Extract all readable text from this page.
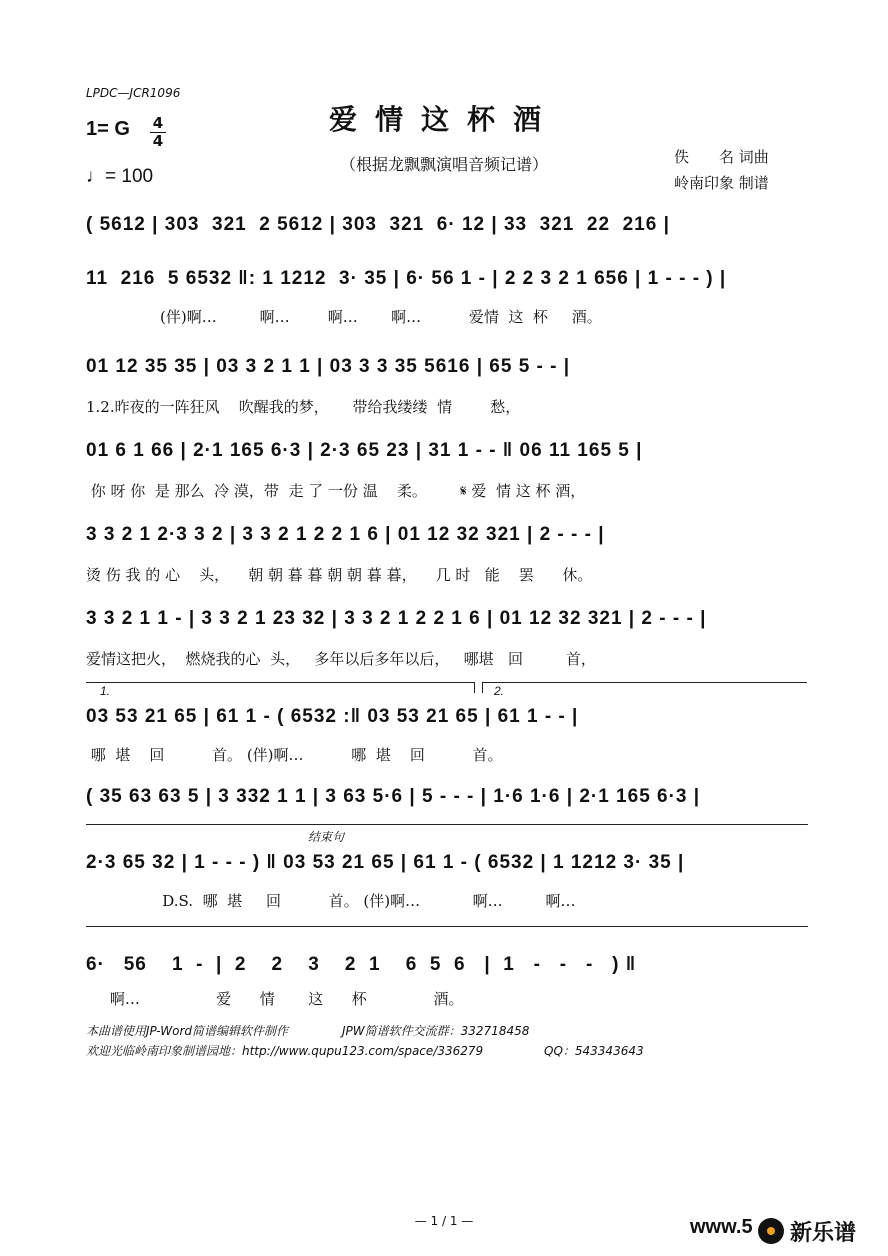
LPDC—JCR1096
1= G 4
4
♩= 100
爱情这杯酒
（根据龙飘飘演唱音频记谱）	佚　　名 词曲
岭南印象 制谱
( 5612 | 303  321  2 5612 | 303  321  6· 12 | 33  321  22  216 |
11  216  5 6532 ‖: 1 1212  3· 35 | 6· 56 1 - | 2 2 3 2 1 656 | 1 - - - ) |
(伴)啊…         啊…        啊…       啊…          爱情  这  杯     酒。
01 12 35 35 | 03 3 2 1 1 | 03 3 3 35 5616 | 65 5 - - |
1.2.昨夜的一阵狂风    吹醒我的梦，     带给我缕缕  情        愁，
01 6 1 66 | 2·1 165 6·3 | 2·3 65 23 | 31 1 - - ‖ 06 11 165 5 |
你 呀 你  是 那么  冷 漠，带  走 了 一份 温    柔。       𝄋 爱  情 这 杯 酒，
3 3 2 1 2·3 3 2 | 3 3 2 1 2 2 1 6 | 01 12 32 321 | 2 - - - |
烫 伤 我 的 心    头，    朝 朝 暮 暮 朝 朝 暮 暮，    几 时   能    罢      休。
3 3 2 1 1 - | 3 3 2 1 23 32 | 3 3 2 1 2 2 1 6 | 01 12 32 321 | 2 - - - |
爱情这把火，  燃烧我的心  头，   多年以后多年以后，   哪堪   回         首，
1.	2.
03 53 21 65 | 61 1 - ( 6532 :‖ 03 53 21 65 | 61 1 - - |
哪  堪    回          首。 (伴)啊…          哪  堪    回          首。
( 35 63 63 5 | 3 332 1 1 | 3 63 5·6 | 5 - - - | 1·6 1·6 | 2·1 165 6·3 |
结束句
2·3 65 32 | 1 - - - ) ‖ 03 53 21 65 | 61 1 - ( 6532 | 1 1212 3· 35 |
D.S.  哪  堪     回          首。 (伴)啊…           啊…         啊…
6·   56    1  -  |  2    2    3    2  1    6  5  6   |  1   -   -   -   ) ‖
啊…                爱      情       这      杯              酒。
本曲谱使用JP-Word简谱编辑软件制作	JPW简谱软件交流群：332718458
欢迎光临岭南印象制谱园地：http://www.qupu123.com/space/336279	QQ：543343643
— 1 / 1 —	www.5 新乐谱
